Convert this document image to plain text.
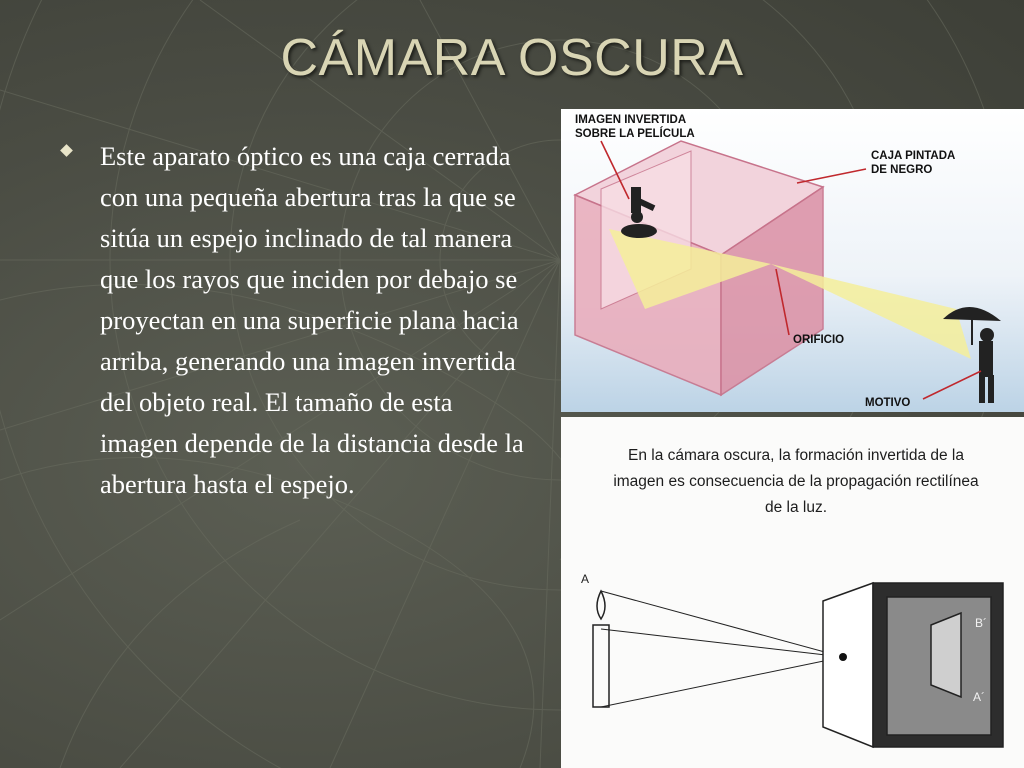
CÁMARA OSCURA
Este aparato óptico es una caja cerrada con una pequeña abertura tras la que se sitúa un espejo inclinado de tal manera que los rayos que inciden por debajo se proyectan en una superficie plana hacia arriba, generando una imagen invertida del objeto real. El tamaño de esta imagen depende de la distancia desde la abertura hasta el espejo.
IMAGEN INVERTIDA
SOBRE LA PELÍCULA
CAJA PINTADA
DE NEGRO
ORIFICIO
MOTIVO
En la cámara oscura, la formación invertida de la imagen es consecuencia de la propagación rectilínea de la luz.
A
B´
A´
